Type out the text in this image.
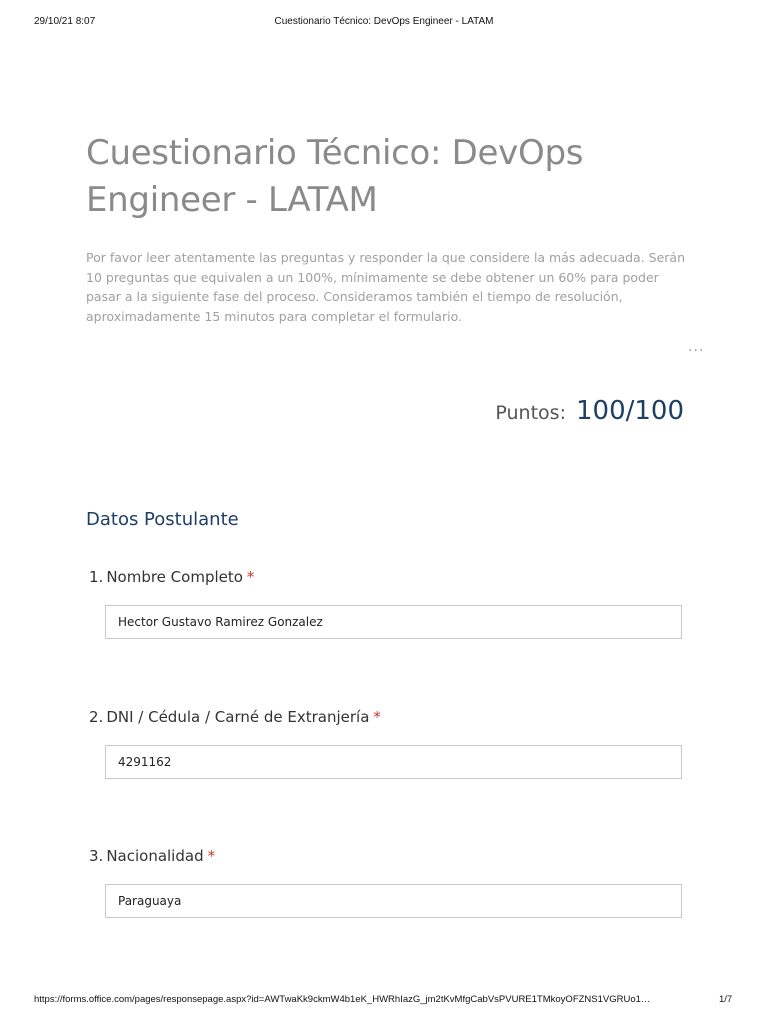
29/10/21 8:07	Cuestionario Técnico: DevOps Engineer - LATAM
Cuestionario Técnico: DevOps Engineer - LATAM

Por favor leer atentamente las preguntas y responder la que considere la más adecuada. Serán 10 preguntas que equivalen a un 100%, mínimamente se debe obtener un 60% para poder pasar a la siguiente fase del proceso. Consideramos también el tiempo de resolución, aproximadamente 15 minutos para completar el formulario.

···
Puntos: 100/100
Datos Postulante
1. Nombre Completo *
Hector Gustavo Ramirez Gonzalez
2. DNI / Cédula / Carné de Extranjería *
4291162
3. Nacionalidad *
Paraguaya
https://forms.office.com/pages/responsepage.aspx?id=AWTwaKk9ckmW4b1eK_HWRhIazG_jm2tKvMfgCabVsPVURE1TMkoyOFZNS1VGRUo1…	1/7
